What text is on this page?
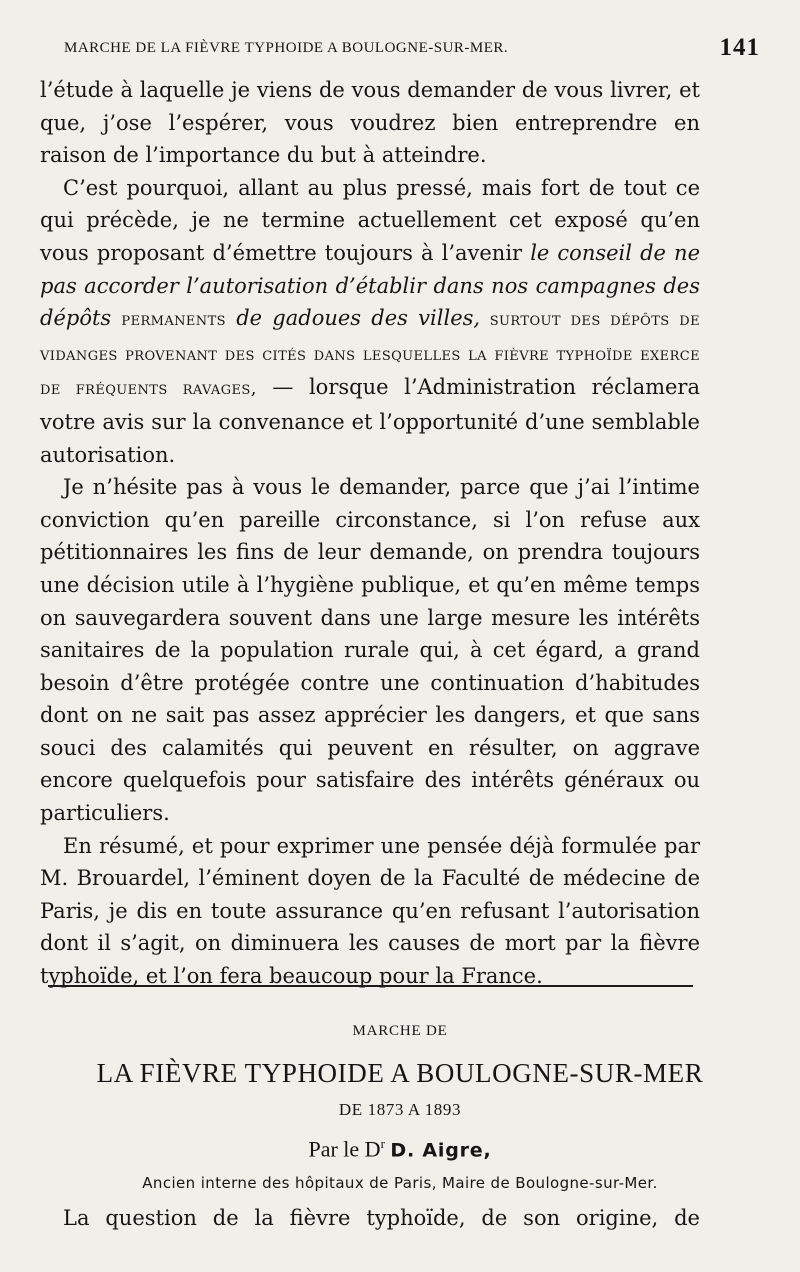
MARCHE DE LA FIÈVRE TYPHOIDE A BOULOGNE-SUR-MER.	141

l’étude à laquelle je viens de vous demander de vous livrer, et que, j’ose l’espérer, vous voudrez bien entreprendre en raison de l’importance du but à atteindre.

C’est pourquoi, allant au plus pressé, mais fort de tout ce qui précède, je ne termine actuellement cet exposé qu’en vous proposant d’émettre toujours à l’avenir le conseil de ne pas accorder l’autorisation d’établir dans nos campagnes des dépôts permanents de gadoues des villes, surtout des dépôts de vidanges provenant des cités dans lesquelles la fièvre typhoïde exerce de fréquents ravages, — lorsque l’Administration réclamera votre avis sur la convenance et l’opportunité d’une semblable autorisation.

Je n’hésite pas à vous le demander, parce que j’ai l’intime conviction qu’en pareille circonstance, si l’on refuse aux pétitionnaires les fins de leur demande, on prendra toujours une décision utile à l’hygiène publique, et qu’en même temps on sauvegardera souvent dans une large mesure les intérêts sanitaires de la population rurale qui, à cet égard, a grand besoin d’être protégée contre une continuation d’habitudes dont on ne sait pas assez apprécier les dangers, et que sans souci des calamités qui peuvent en résulter, on aggrave encore quelquefois pour satisfaire des intérêts généraux ou particuliers.

En résumé, et pour exprimer une pensée déjà formulée par M. Brouardel, l’éminent doyen de la Faculté de médecine de Paris, je dis en toute assurance qu’en refusant l’autorisation dont il s’agit, on diminuera les causes de mort par la fièvre typhoïde, et l’on fera beaucoup pour la France.

MARCHE DE

LA FIÈVRE TYPHOIDE A BOULOGNE-SUR-MER

DE 1873 A 1893

Par le $D^r$ D. Aigre,

Ancien interne des hôpitaux de Paris, Maire de Boulogne-sur-Mer.

La question de la fièvre typhoïde, de son origine, de
